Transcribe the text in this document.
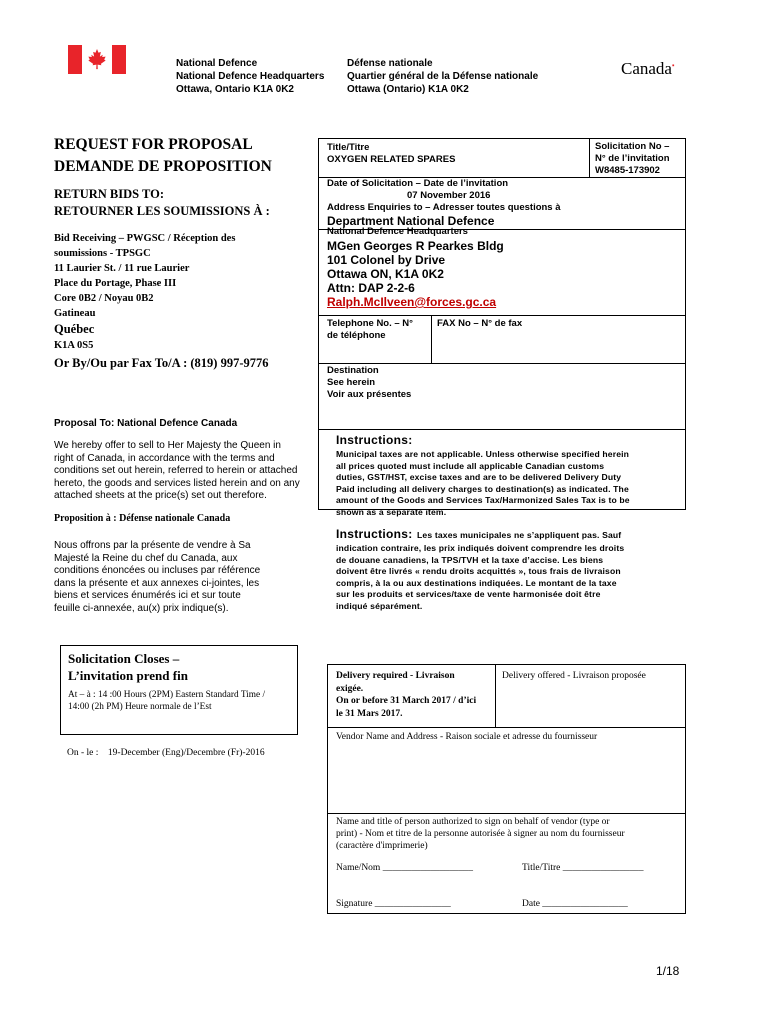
National Defence
National Defence Headquarters
Ottawa, Ontario K1A 0K2
Défense nationale
Quartier général de la Défense nationale
Ottawa (Ontario) K1A 0K2
Canada▪
REQUEST FOR PROPOSAL
DEMANDE DE PROPOSITION
RETURN BIDS TO:
RETOURNER LES SOUMISSIONS À :
Bid Receiving – PWGSC / Réception des
soumissions - TPSGC
11 Laurier St. / 11 rue Laurier
Place du Portage, Phase III
Core 0B2 / Noyau 0B2
Gatineau
Québec
K1A 0S5
Or By/Ou par Fax To/A : (819) 997-9776
Title/Titre
OXYGEN RELATED SPARES
Solicitation No –
N° de l’invitation
W8485-173902
Date of Solicitation – Date de l’invitation
07 November 2016
Address Enquiries to – Adresser toutes questions à
Department National Defence
National Defence Headquarters
MGen Georges R Pearkes Bldg
101 Colonel by Drive
Ottawa ON, K1A 0K2
Attn: DAP 2-2-6
Ralph.McIlveen@forces.gc.ca
Telephone No. – N°
de téléphone
FAX No – N° de fax
Destination
See herein
Voir aux présentes
Instructions:
Municipal taxes are not applicable. Unless otherwise specified herein
all prices quoted must include all applicable Canadian customs
duties, GST/HST, excise taxes and are to be delivered Delivery Duty
Paid including all delivery charges to destination(s) as indicated. The
amount of the Goods and Services Tax/Harmonized Sales Tax is to be
shown as a separate item.
Instructions: Les taxes municipales ne s’appliquent pas. Sauf
indication contraire, les prix indiqués doivent comprendre les droits
de douane canadiens, la TPS/TVH et la taxe d’accise. Les biens
doivent être livrés « rendu droits acquittés », tous frais de livraison
compris, à la ou aux destinations indiquées. Le montant de la taxe
sur les produits et services/taxe de vente harmonisée doit être
indiqué séparément.
Proposal To: National Defence Canada
We hereby offer to sell to Her Majesty the Queen in
right of Canada, in accordance with the terms and
conditions set out herein, referred to herein or attached
hereto, the goods and services listed herein and on any
attached sheets at the price(s) set out therefore.
Proposition à : Défense nationale Canada
Nous offrons par la présente de vendre à Sa
Majesté la Reine du chef du Canada, aux
conditions énoncées ou incluses par référence
dans la présente et aux annexes ci-jointes, les
biens et services énumérés ici et sur toute
feuille ci-annexée, au(x) prix indique(s).
Solicitation Closes –
L’invitation prend fin
At – à : 14 :00 Hours (2PM) Eastern Standard Time /
14:00 (2h PM) Heure normale de l’Est
On - le : 19-December (Eng)/Decembre (Fr)-2016
Delivery required - Livraison
exigée.
On or before 31 March 2017 / d’ici
le 31 Mars 2017.
Delivery offered - Livraison proposée
Vendor Name and Address - Raison sociale et adresse du fournisseur
Name and title of person authorized to sign on behalf of vendor (type or
print) - Nom et titre de la personne autorisée à signer au nom du fournisseur
(caractère d'imprimerie)
Name/Nom ___________________	Title/Titre _________________
Signature ________________	Date __________________
1/18
